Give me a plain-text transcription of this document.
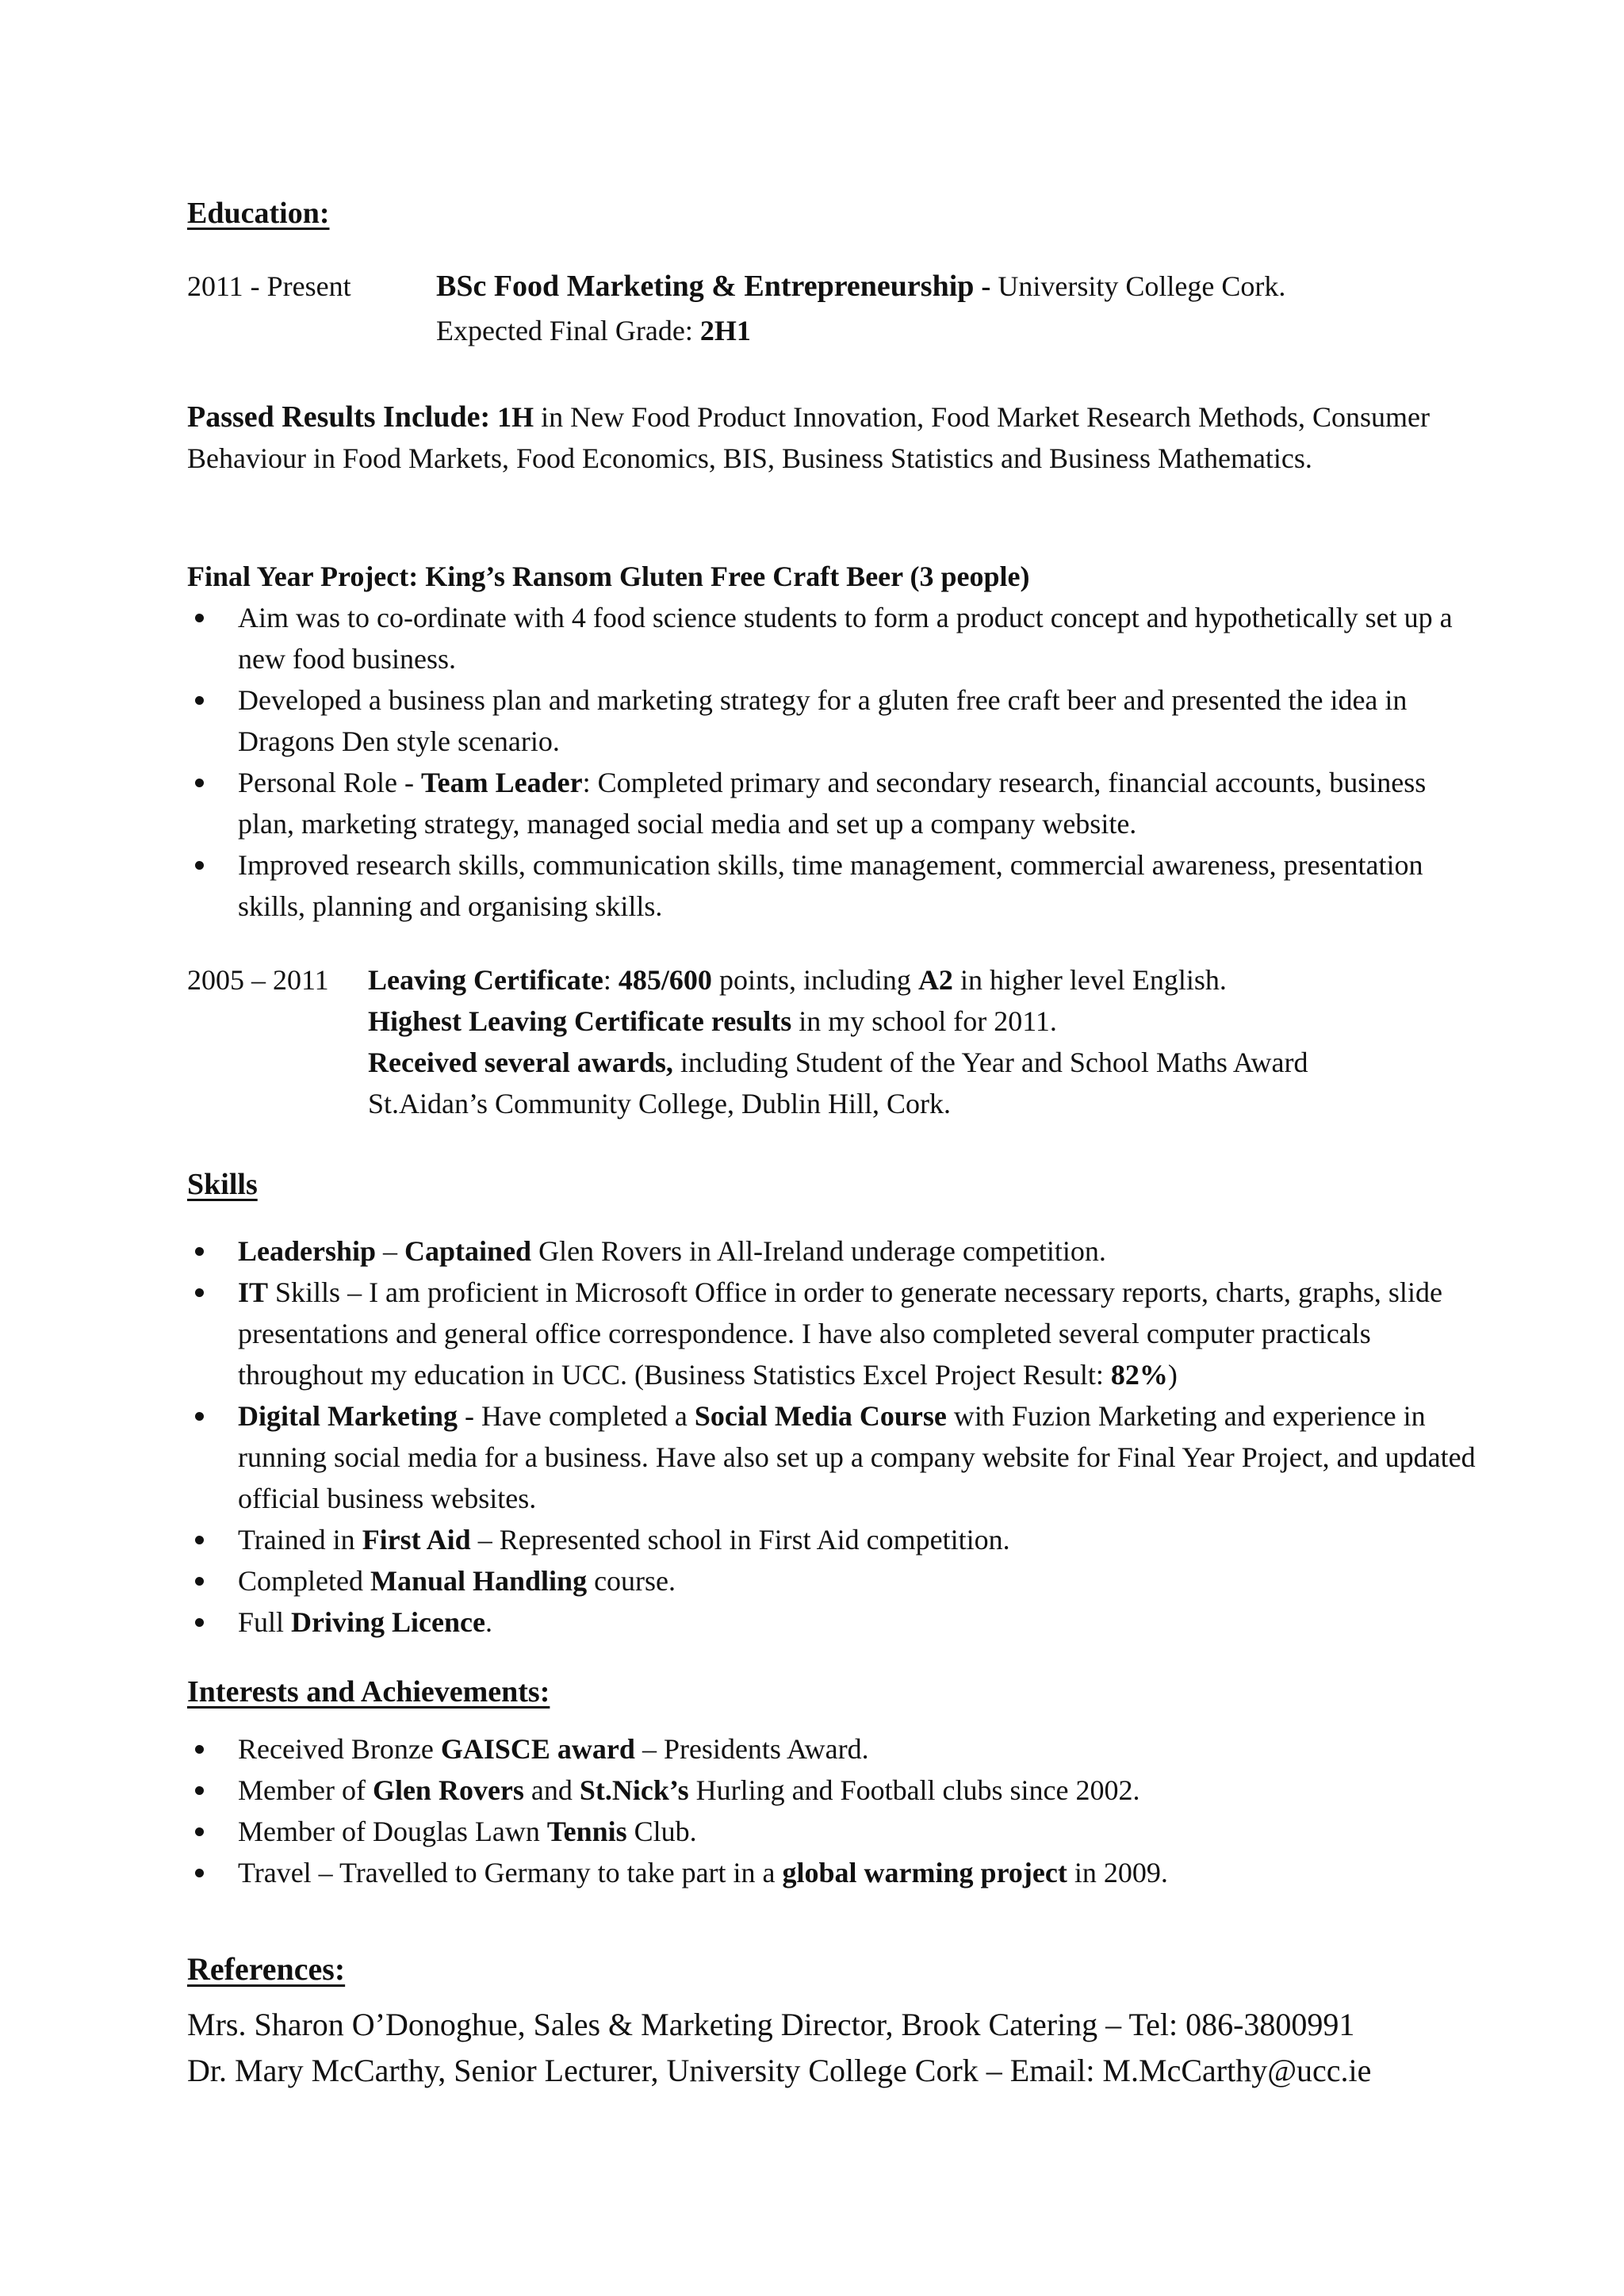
Education:
2011 - Present	BSc Food Marketing & Entrepreneurship - University College Cork.
Expected Final Grade: 2H1
Passed Results Include: 1H in New Food Product Innovation, Food Market Research Methods, Consumer Behaviour in Food Markets, Food Economics, BIS, Business Statistics and Business Mathematics.
Final Year Project: King’s Ransom Gluten Free Craft Beer (3 people)
Aim was to co-ordinate with 4 food science students to form a product concept and hypothetically set up a new food business.
Developed a business plan and marketing strategy for a gluten free craft beer and presented the idea in Dragons Den style scenario.
Personal Role - Team Leader: Completed primary and secondary research, financial accounts, business plan, marketing strategy, managed social media and set up a company website.
Improved research skills, communication skills, time management, commercial awareness, presentation skills, planning and organising skills.
2005 – 2011 Leaving Certificate: 485/600 points, including A2 in higher level English.
Highest Leaving Certificate results in my school for 2011.
Received several awards, including Student of the Year and School Maths Award
St.Aidan’s Community College, Dublin Hill, Cork.
Skills
Leadership – Captained Glen Rovers in All-Ireland underage competition.
IT Skills – I am proficient in Microsoft Office in order to generate necessary reports, charts, graphs, slide presentations and general office correspondence. I have also completed several computer practicals throughout my education in UCC. (Business Statistics Excel Project Result: 82%)
Digital Marketing - Have completed a Social Media Course with Fuzion Marketing and experience in running social media for a business. Have also set up a company website for Final Year Project, and updated official business websites.
Trained in First Aid – Represented school in First Aid competition.
Completed Manual Handling course.
Full Driving Licence.
Interests and Achievements:
Received Bronze GAISCE award – Presidents Award.
Member of Glen Rovers and St.Nick’s Hurling and Football clubs since 2002.
Member of Douglas Lawn Tennis Club.
Travel – Travelled to Germany to take part in a global warming project in 2009.
References:
Mrs. Sharon O’Donoghue, Sales & Marketing Director, Brook Catering – Tel: 086-3800991
Dr. Mary McCarthy, Senior Lecturer, University College Cork – Email: M.McCarthy@ucc.ie
